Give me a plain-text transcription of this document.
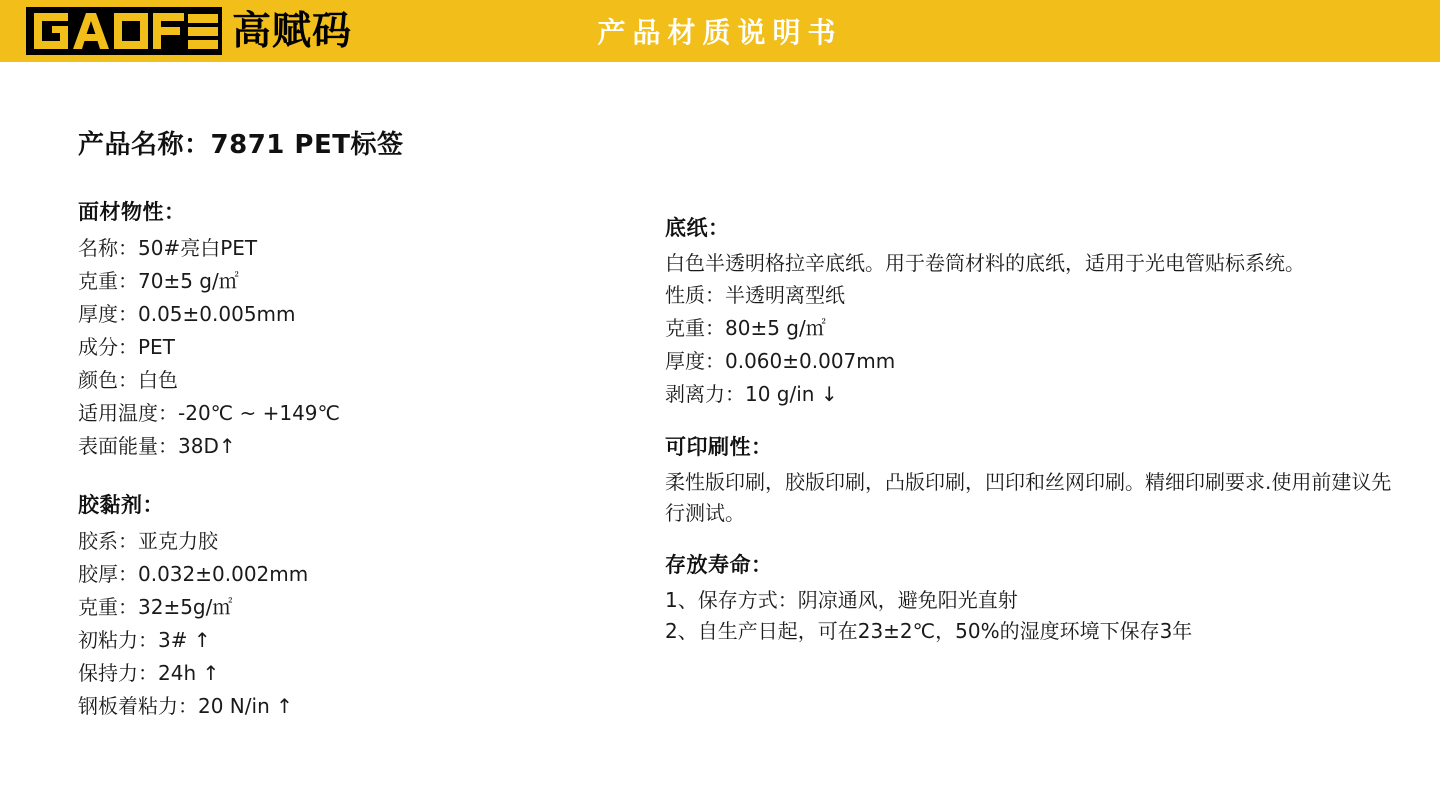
高赋码	产品材质说明书
产品名称：7871 PET标签
面材物性：
名称：50#亮白PET
克重：70±5 g/㎡
厚度：0.05±0.005mm
成分：PET
颜色：白色
适用温度：-20℃ ~ +149℃
表面能量：38D↑
胶黏剂：
胶系：亚克力胶
胶厚：0.032±0.002mm
克重：32±5g/㎡
初粘力：3# ↑
保持力：24h ↑
钢板着粘力：20 N/in ↑
底纸：
白色半透明格拉辛底纸。用于卷筒材料的底纸，适用于光电管贴标系统。
性质：半透明离型纸
克重：80±5 g/㎡
厚度：0.060±0.007mm
剥离力：10 g/in ↓
可印刷性：
柔性版印刷，胶版印刷，凸版印刷，凹印和丝网印刷。精细印刷要求.使用前建议先行测试。
存放寿命：
1、保存方式：阴凉通风，避免阳光直射
2、自生产日起，可在23±2℃，50%的湿度环境下保存3年
